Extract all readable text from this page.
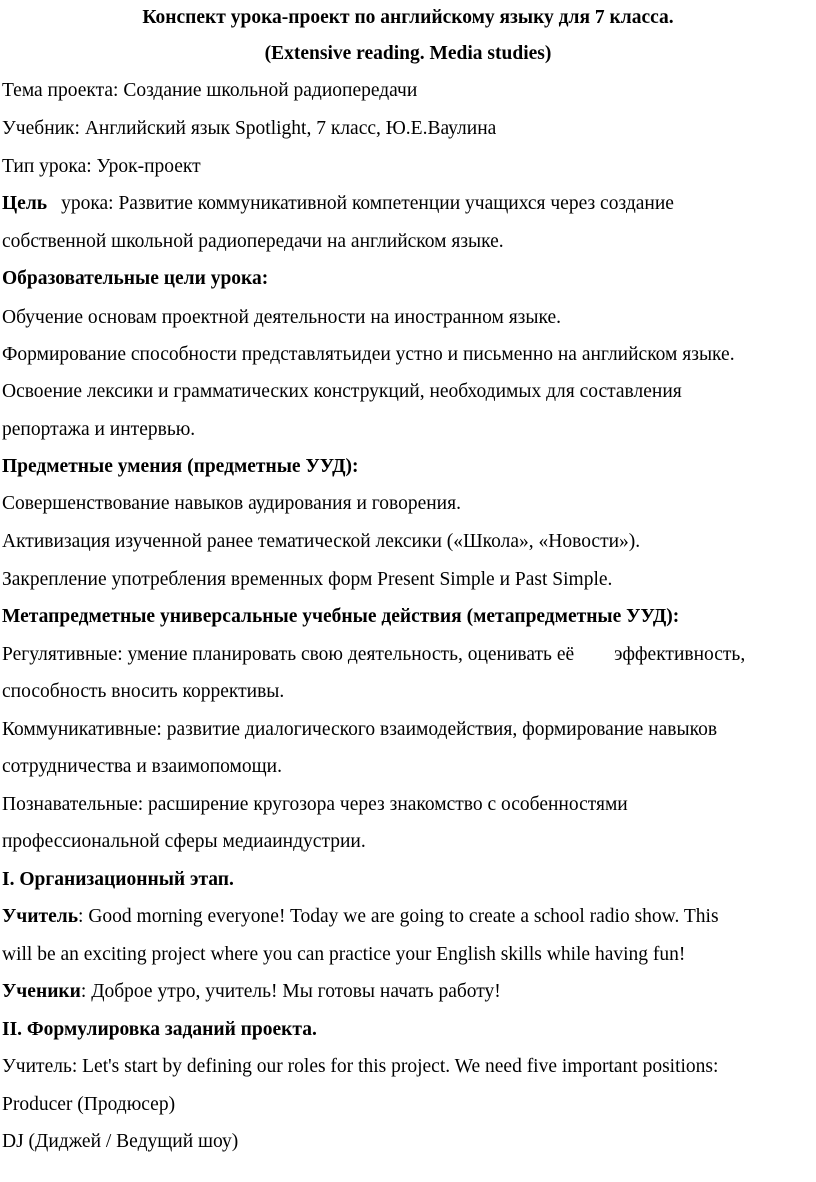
Конспект урока-проект по английскому языку для 7 класса.
(Extensive reading. Media studies)
Тема проекта: Создание школьной радиопередачи
Учебник: Английский язык Spotlight, 7 класс, Ю.Е.Ваулина
Тип урока: Урок-проект
Цель урока: Развитие коммуникативной компетенции учащихся через создание
собственной школьной радиопередачи на английском языке.
Образовательные цели урока:
Обучение основам проектной деятельности на иностранном языке.
Формирование способности представлятьидеи устно и письменно на английском языке.
Освоение лексики и грамматических конструкций, необходимых для составления
репортажа и интервью.
Предметные умения (предметные УУД):
Совершенствование навыков аудирования и говорения.
Активизация изученной ранее тематической лексики («Школа», «Новости»).
Закрепление употребления временных форм Present Simple и Past Simple.
Метапредметные универсальные учебные действия (метапредметные УУД):
Регулятивные: умение планировать свою деятельность, оценивать её эффективность,
способность вносить коррективы.
Коммуникативные: развитие диалогического взаимодействия, формирование навыков
сотрудничества и взаимопомощи.
Познавательные: расширение кругозора через знакомство с особенностями
профессиональной сферы медиаиндустрии.
I. Организационный этап.
Учитель: Good morning everyone! Today we are going to create a school radio show. This
will be an exciting project where you can practice your English skills while having fun!
Ученики: Доброе утро, учитель! Мы готовы начать работу!
II. Формулировка заданий проекта.
Учитель: Let's start by defining our roles for this project. We need five important positions:
Producer (Продюсер)
DJ (Диджей / Ведущий шоу)
